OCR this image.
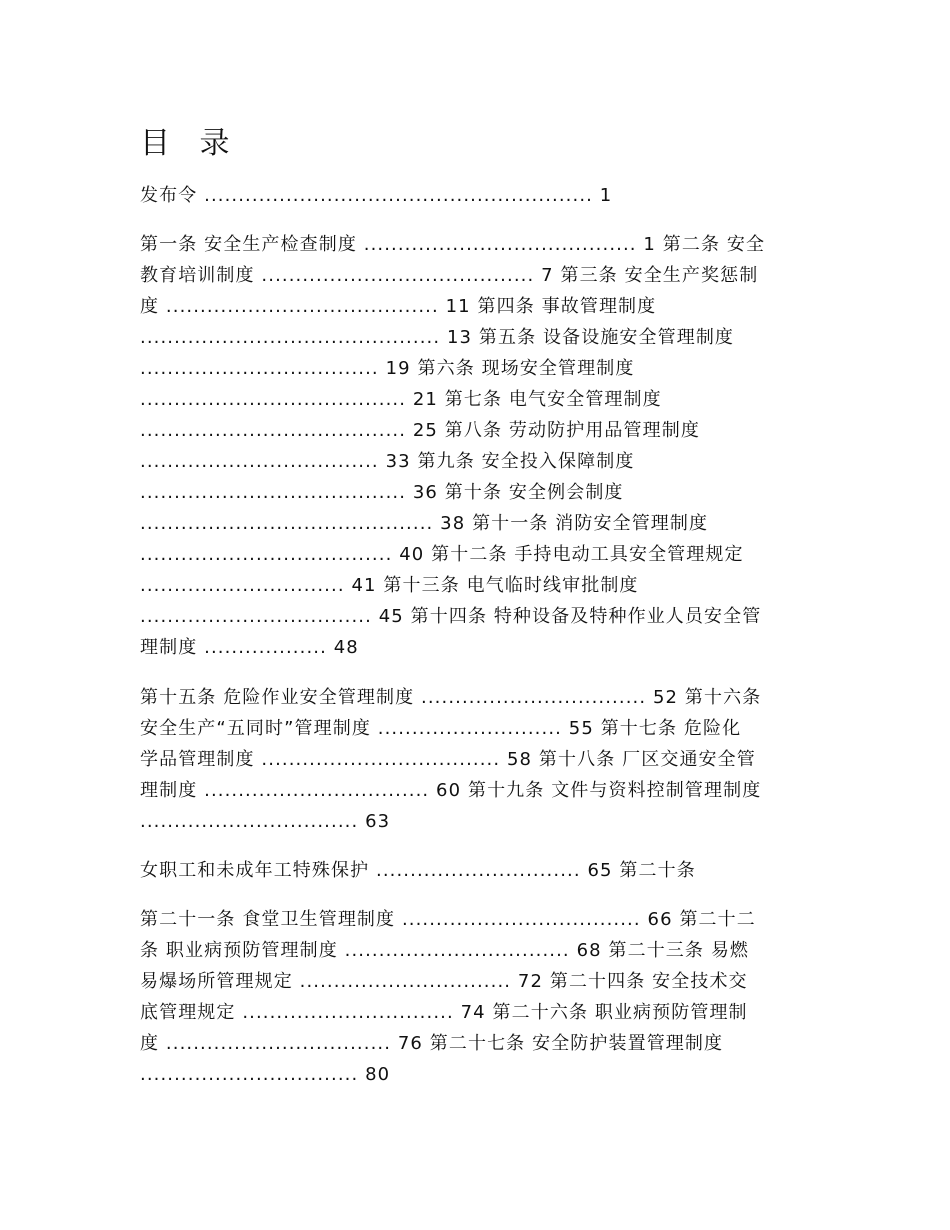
目 录
发布令 ......................................................... 1
第一条 安全生产检查制度 ........................................ 1 第二条 安全
教育培训制度 ........................................ 7 第三条 安全生产奖惩制
度 ........................................ 11 第四条 事故管理制度
............................................ 13 第五条 设备设施安全管理制度
................................... 19 第六条 现场安全管理制度
....................................... 21 第七条 电气安全管理制度
....................................... 25 第八条 劳动防护用品管理制度
................................... 33 第九条 安全投入保障制度
....................................... 36 第十条 安全例会制度
........................................... 38 第十一条 消防安全管理制度
..................................... 40 第十二条 手持电动工具安全管理规定
.............................. 41 第十三条 电气临时线审批制度
.................................. 45 第十四条 特种设备及特种作业人员安全管
理制度 .................. 48
第十五条 危险作业安全管理制度 ................................. 52 第十六条
安全生产“五同时”管理制度 ........................... 55 第十七条 危险化
学品管理制度 ................................... 58 第十八条 厂区交通安全管
理制度 ................................. 60 第十九条 文件与资料控制管理制度
................................ 63
女职工和未成年工特殊保护 .............................. 65 第二十条
第二十一条 食堂卫生管理制度 ................................... 66 第二十二
条 职业病预防管理制度 ................................. 68 第二十三条 易燃
易爆场所管理规定 ............................... 72 第二十四条 安全技术交
底管理规定 ............................... 74 第二十六条 职业病预防管理制
度 ................................. 76 第二十七条 安全防护装置管理制度
................................ 80
